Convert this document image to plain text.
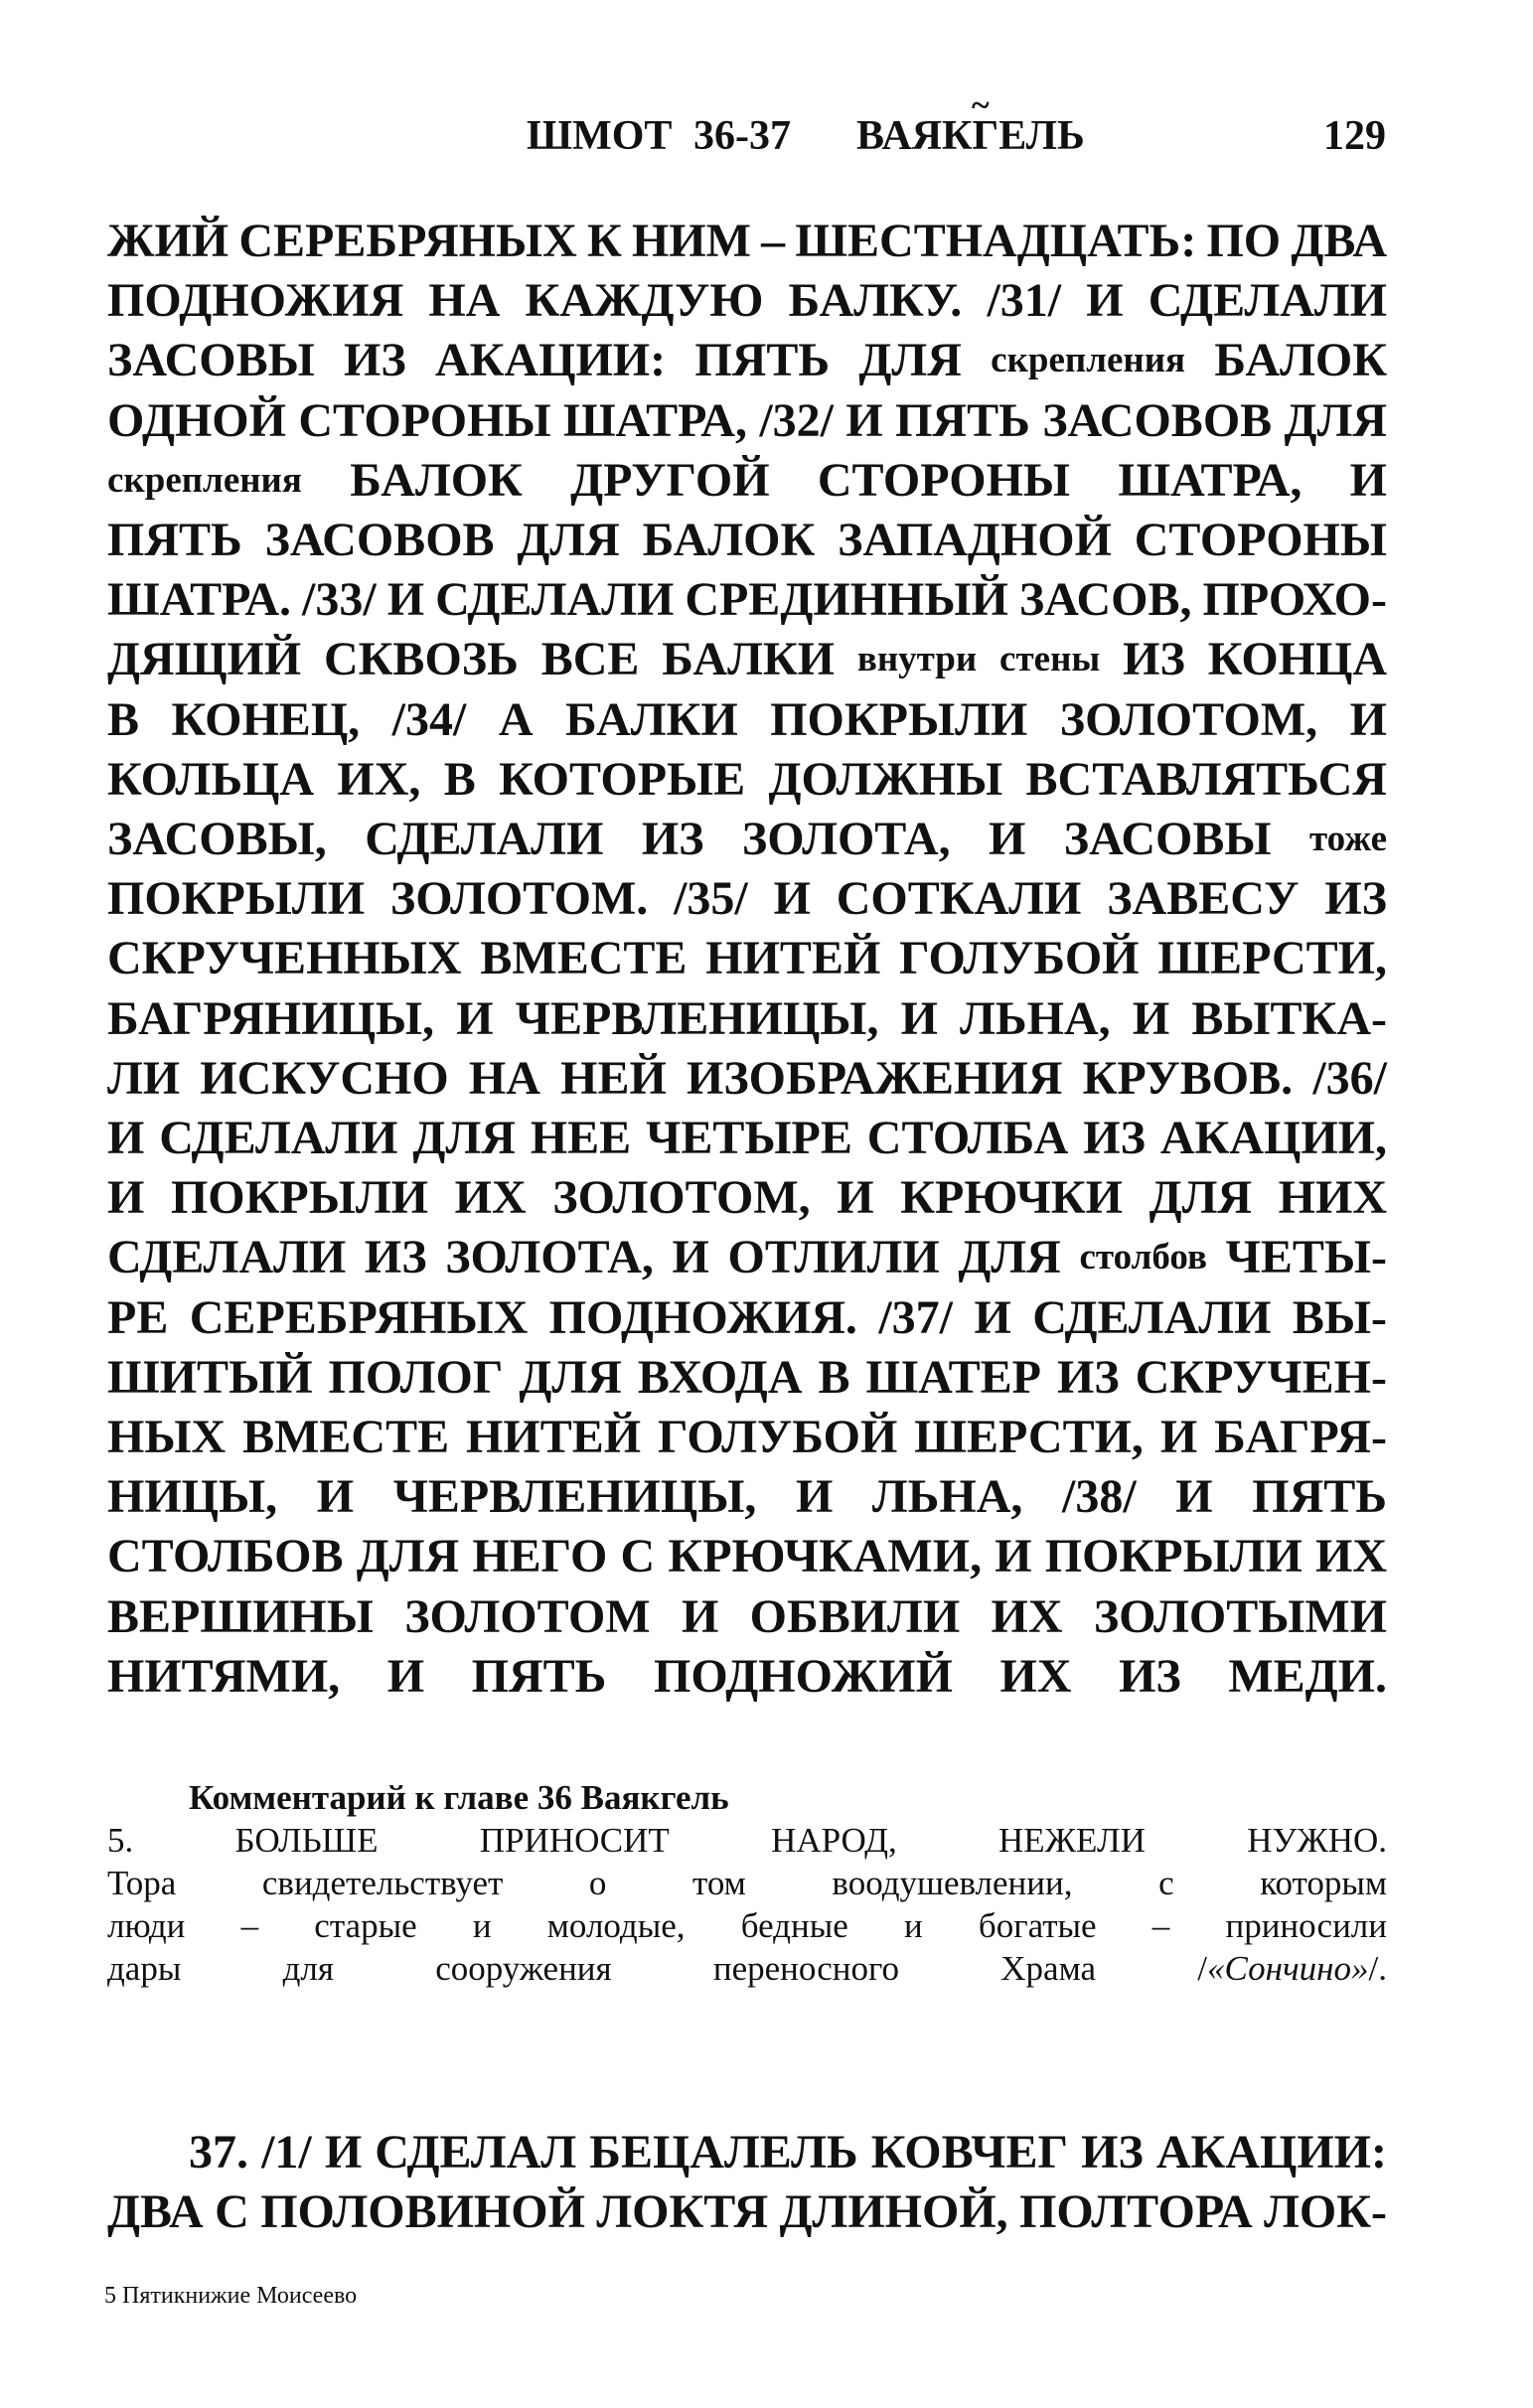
ШМОТ 36-37 ВАЯКГЕЛЬ	129
~
ЖИЙ СЕРЕБРЯНЫХ К НИМ – ШЕСТНАДЦАТЬ: ПО ДВА
ПОДНОЖИЯ НА КАЖДУЮ БАЛКУ. /31/ И СДЕЛАЛИ
ЗАСОВЫ ИЗ АКАЦИИ: ПЯТЬ ДЛЯ скрепления БАЛОК
ОДНОЙ СТОРОНЫ ШАТРА, /32/ И ПЯТЬ ЗАСОВОВ ДЛЯ
скрепления БАЛОК ДРУГОЙ СТОРОНЫ ШАТРА, И
ПЯТЬ ЗАСОВОВ ДЛЯ БАЛОК ЗАПАДНОЙ СТОРОНЫ
ШАТРА. /33/ И СДЕЛАЛИ СРЕДИННЫЙ ЗАСОВ, ПРОХО-
ДЯЩИЙ СКВОЗЬ ВСЕ БАЛКИ внутри стены ИЗ КОНЦА
В КОНЕЦ, /34/ А БАЛКИ ПОКРЫЛИ ЗОЛОТОМ, И
КОЛЬЦА ИХ, В КОТОРЫЕ ДОЛЖНЫ ВСТАВЛЯТЬСЯ
ЗАСОВЫ, СДЕЛАЛИ ИЗ ЗОЛОТА, И ЗАСОВЫ тоже
ПОКРЫЛИ ЗОЛОТОМ. /35/ И СОТКАЛИ ЗАВЕСУ ИЗ
СКРУЧЕННЫХ ВМЕСТЕ НИТЕЙ ГОЛУБОЙ ШЕРСТИ,
БАГРЯНИЦЫ, И ЧЕРВЛЕНИЦЫ, И ЛЬНА, И ВЫТКА-
ЛИ ИСКУСНО НА НЕЙ ИЗОБРАЖЕНИЯ КРУВОВ. /36/
И СДЕЛАЛИ ДЛЯ НЕЕ ЧЕТЫРЕ СТОЛБА ИЗ АКАЦИИ,
И ПОКРЫЛИ ИХ ЗОЛОТОМ, И КРЮЧКИ ДЛЯ НИХ
СДЕЛАЛИ ИЗ ЗОЛОТА, И ОТЛИЛИ ДЛЯ столбов ЧЕТЫ-
РЕ СЕРЕБРЯНЫХ ПОДНОЖИЯ. /37/ И СДЕЛАЛИ ВЫ-
ШИТЫЙ ПОЛОГ ДЛЯ ВХОДА В ШАТЕР ИЗ СКРУЧЕН-
НЫХ ВМЕСТЕ НИТЕЙ ГОЛУБОЙ ШЕРСТИ, И БАГРЯ-
НИЦЫ, И ЧЕРВЛЕНИЦЫ, И ЛЬНА, /38/ И ПЯТЬ
СТОЛБОВ ДЛЯ НЕГО С КРЮЧКАМИ, И ПОКРЫЛИ ИХ
ВЕРШИНЫ ЗОЛОТОМ И ОБВИЛИ ИХ ЗОЛОТЫМИ
НИТЯМИ, И ПЯТЬ ПОДНОЖИЙ ИХ ИЗ МЕДИ.
Комментарий к главе 36 Ваякгель
5.	БОЛЬШЕ	ПРИНОСИТ	НАРОД,	НЕЖЕЛИ	НУЖНО.
Тора свидетельствует о том воодушевлении, с которым
люди – старые и молодые, бедные и богатые – приносили
дары	для	сооружения	переносного	Храма	/«Сончино»/.
37. /1/ И СДЕЛАЛ БЕЦАЛЕЛЬ КОВЧЕГ ИЗ АКАЦИИ:
ДВА С ПОЛОВИНОЙ ЛОКТЯ ДЛИНОЙ, ПОЛТОРА ЛОК-
5 Пятикнижие Моисеево
